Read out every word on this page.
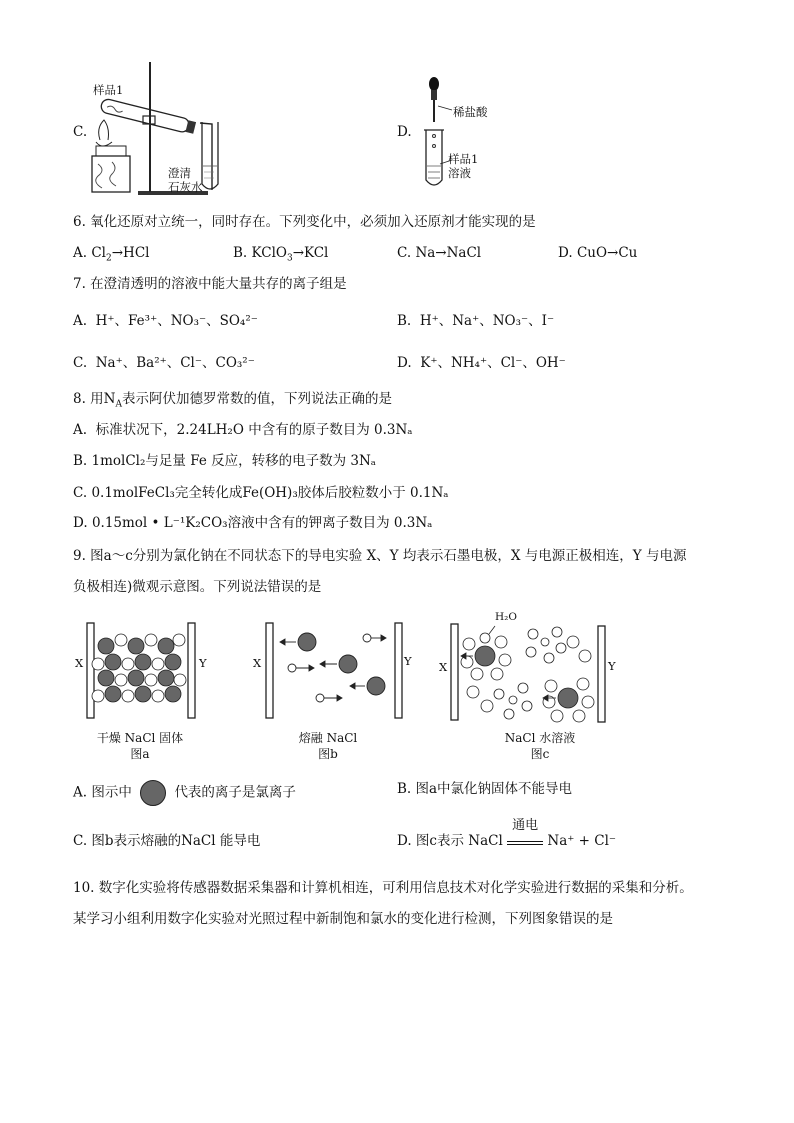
C.
样品1
澄清
石灰水
D.
稀盐酸
样品1
溶液
6. 氧化还原对立统一，同时存在。下列变化中，必须加入还原剂才能实现的是
A. $Cl_2\to HCl$	B. KClO$_3$→KCl	C. Na→NaCl	D. CuO→Cu
7. 在澄清透明的溶液中能大量共存的离子组是
A. H⁺、Fe³⁺、NO₃⁻、SO₄²⁻	B. H⁺、Na⁺、NO₃⁻、I⁻
C. Na⁺、Ba²⁺、Cl⁻、CO₃²⁻	D. K⁺、NH₄⁺、Cl⁻、OH⁻
8. 用$N_A$表示阿伏加德罗常数的值，下列说法正确的是
A. 标准状况下，2.24LH₂O 中含有的原子数目为 0.3Nₐ
B. 1molCl₂与足量 Fe 反应，转移的电子数为 3Nₐ
C. 0.1molFeCl₃完全转化成Fe(OH)₃胶体后胶粒数小于 0.1Nₐ
D. 0.15mol • L⁻¹K₂CO₃溶液中含有的钾离子数目为 0.3Nₐ
9. 图a～c分别为氯化钠在不同状态下的导电实验 X、Y 均表示石墨电极，X 与电源正极相连，Y 与电源
负极相连)微观示意图。下列说法错误的是
X	Y
干燥 NaCl 固体
图a
X	Y
熔融 NaCl
图b
X	Y
H₂O
NaCl 水溶液
图c
A. 图示中	代表的离子是氯离子	B. 图a中氯化钠固体不能导电
C. 图b表示熔融的NaCl 能导电	D. 图c表示 NaCl
通电
Na⁺ + Cl⁻
10. 数字化实验将传感器数据采集器和计算机相连，可利用信息技术对化学实验进行数据的采集和分析。
某学习小组利用数字化实验对光照过程中新制饱和氯水的变化进行检测，下列图象错误的是
